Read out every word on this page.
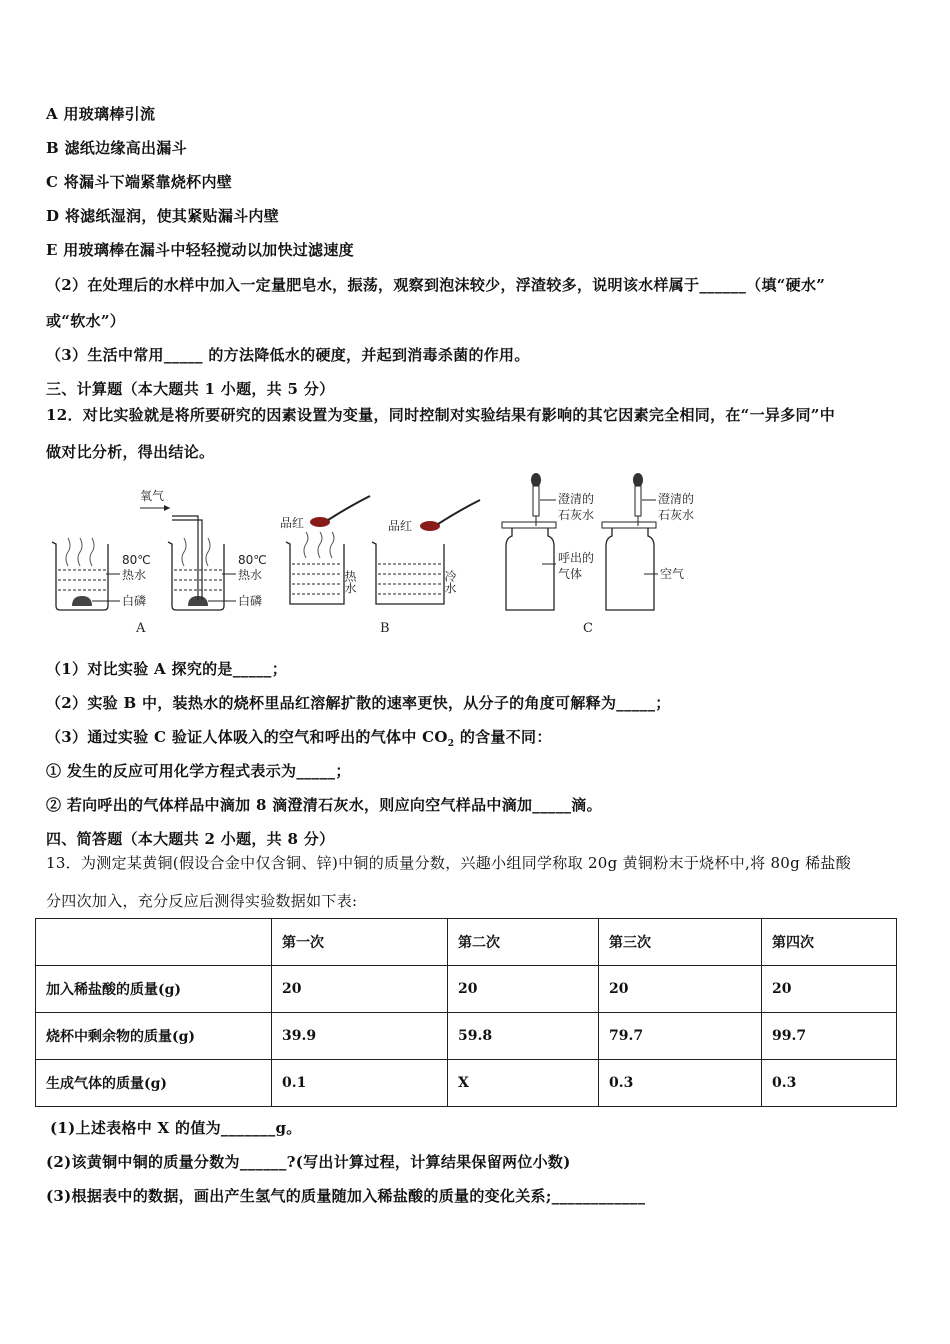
A 用玻璃棒引流
B 滤纸边缘高出漏斗
C 将漏斗下端紧靠烧杯内壁
D 将滤纸湿润，使其紧贴漏斗内壁
E 用玻璃棒在漏斗中轻轻搅动以加快过滤速度
（2）在处理后的水样中加入一定量肥皂水，振荡，观察到泡沫较少，浮渣较多，说明该水样属于______（填“硬水”
或“软水”）
（3）生活中常用_____ 的方法降低水的硬度，并起到消毒杀菌的作用。
三、计算题（本大题共 1 小题，共 5 分）
12．对比实验就是将所要研究的因素设置为变量，同时控制对实验结果有影响的其它因素完全相同，在“一异多同”中
做对比分析，得出结论。
80℃
热水
白磷
氧气
80℃
热水
白磷
A
品红
热水
品红
冷水
B
澄清的
石灰水
呼出的
气体
澄清的
石灰水
空气
C
（1）对比实验 A 探究的是_____；
（2）实验 B 中，装热水的烧杯里品红溶解扩散的速率更快，从分子的角度可解释为_____；
（3）通过实验 C 验证人体吸入的空气和呼出的气体中 $CO_2$ 的含量不同：
① 发生的反应可用化学方程式表示为_____；
② 若向呼出的气体样品中滴加 8 滴澄清石灰水，则应向空气样品中滴加_____滴。
四、简答题（本大题共 2 小题，共 8 分）
13．为测定某黄铜(假设合金中仅含铜、锌)中铜的质量分数，兴趣小组同学称取 20g 黄铜粉末于烧杯中,将 80g 稀盐酸
分四次加入，充分反应后测得实验数据如下表:
	第一次	第二次	第三次	第四次
加入稀盐酸的质量(g)	20	20	20	20
烧杯中剩余物的质量(g)	39.9	59.8	79.7	99.7
生成气体的质量(g)	0.1	X	0.3	0.3
(1)上述表格中 X 的值为_______g。
(2)该黄铜中铜的质量分数为______?(写出计算过程，计算结果保留两位小数)
(3)根据表中的数据，画出产生氢气的质量随加入稀盐酸的质量的变化关系;____________
